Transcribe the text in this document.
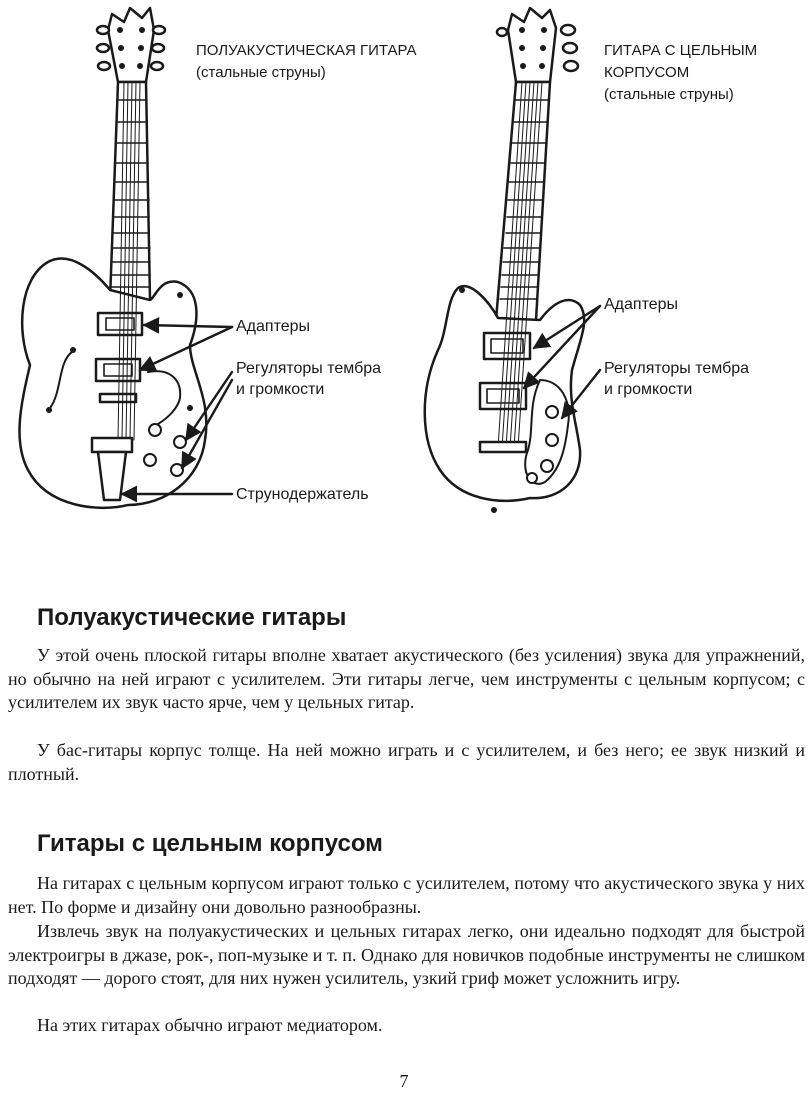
ПОЛУАКУСТИЧЕСКАЯ ГИТАРА
(стальные струны)
Адаптеры
Регуляторы тембра
и громкости
Струнодержатель
ГИТАРА С ЦЕЛЬНЫМ
КОРПУСОМ
(стальные струны)
Адаптеры
Регуляторы тембра
и громкости
Полуакустические гитары

У этой очень плоской гитары вполне хватает акустического (без усиления) звука для упражнений, но обычно на ней играют с усилителем. Эти гитары легче, чем инструменты с цельным корпусом; с усилителем их звук часто ярче, чем у цельных гитар.

У бас-гитары корпус толще. На ней можно играть и с усилителем, и без него; ее звук низкий и плотный.

Гитары с цельным корпусом

На гитарах с цельным корпусом играют только с усилителем, потому что акустического звука у них нет. По форме и дизайну они довольно разнообразны.

Извлечь звук на полуакустических и цельных гитарах легко, они идеально подходят для быстрой электроигры в джазе, рок-, поп-музыке и т. п. Однако для новичков подобные инструменты не слишком подходят — дорого стоят, для них нужен усилитель, узкий гриф может усложнить игру.

На этих гитарах обычно играют медиатором.

7
